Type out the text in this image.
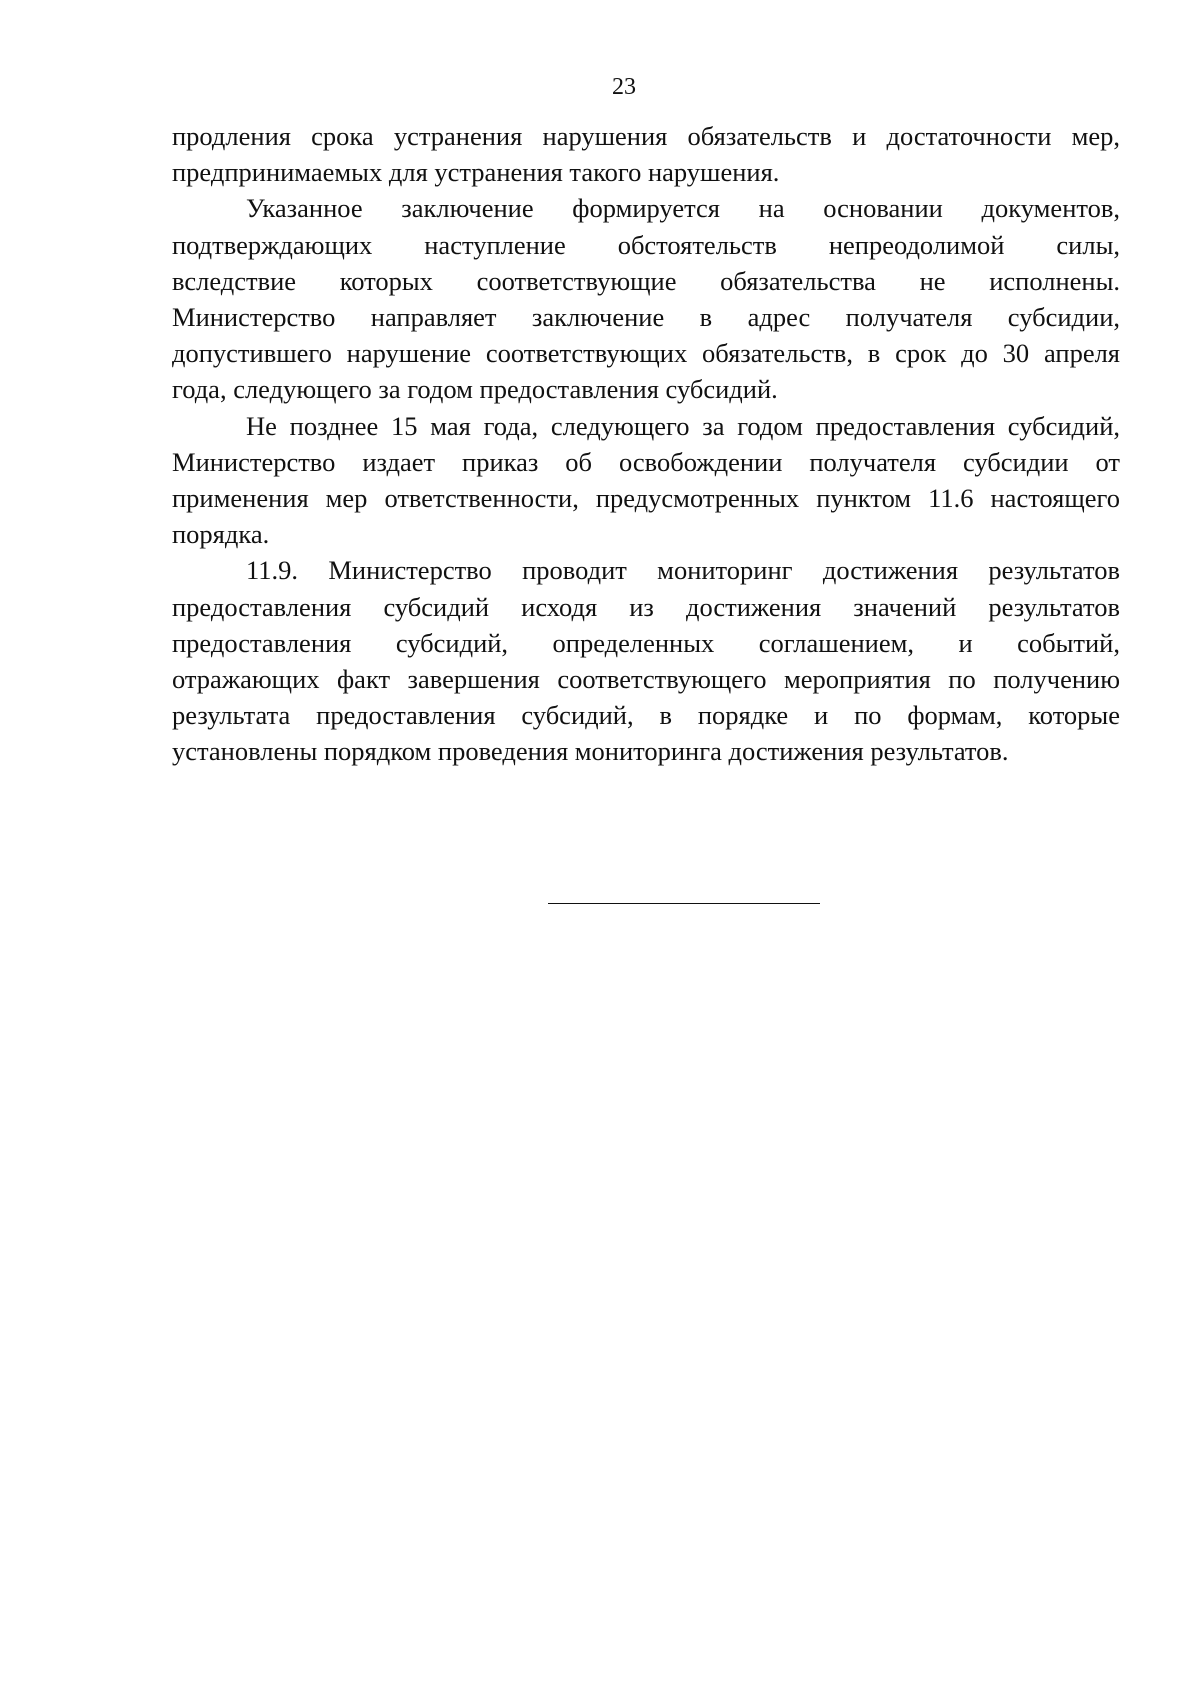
23

продления срока устранения нарушения обязательств и достаточности мер,
предпринимаемых для устранения такого нарушения.

Указанное заключение формируется на основании документов,
подтверждающих наступление обстоятельств непреодолимой силы,
вследствие которых соответствующие обязательства не исполнены.
Министерство направляет заключение в адрес получателя субсидии,
допустившего нарушение соответствующих обязательств, в срок до 30 апреля
года, следующего за годом предоставления субсидий.

Не позднее 15 мая года, следующего за годом предоставления субсидий,
Министерство издает приказ об освобождении получателя субсидии от
применения мер ответственности, предусмотренных пунктом 11.6 настоящего
порядка.

11.9. Министерство проводит мониторинг достижения результатов
предоставления субсидий исходя из достижения значений результатов
предоставления субсидий, определенных соглашением, и событий,
отражающих факт завершения соответствующего мероприятия по получению
результата предоставления субсидий, в порядке и по формам, которые
установлены порядком проведения мониторинга достижения результатов.
